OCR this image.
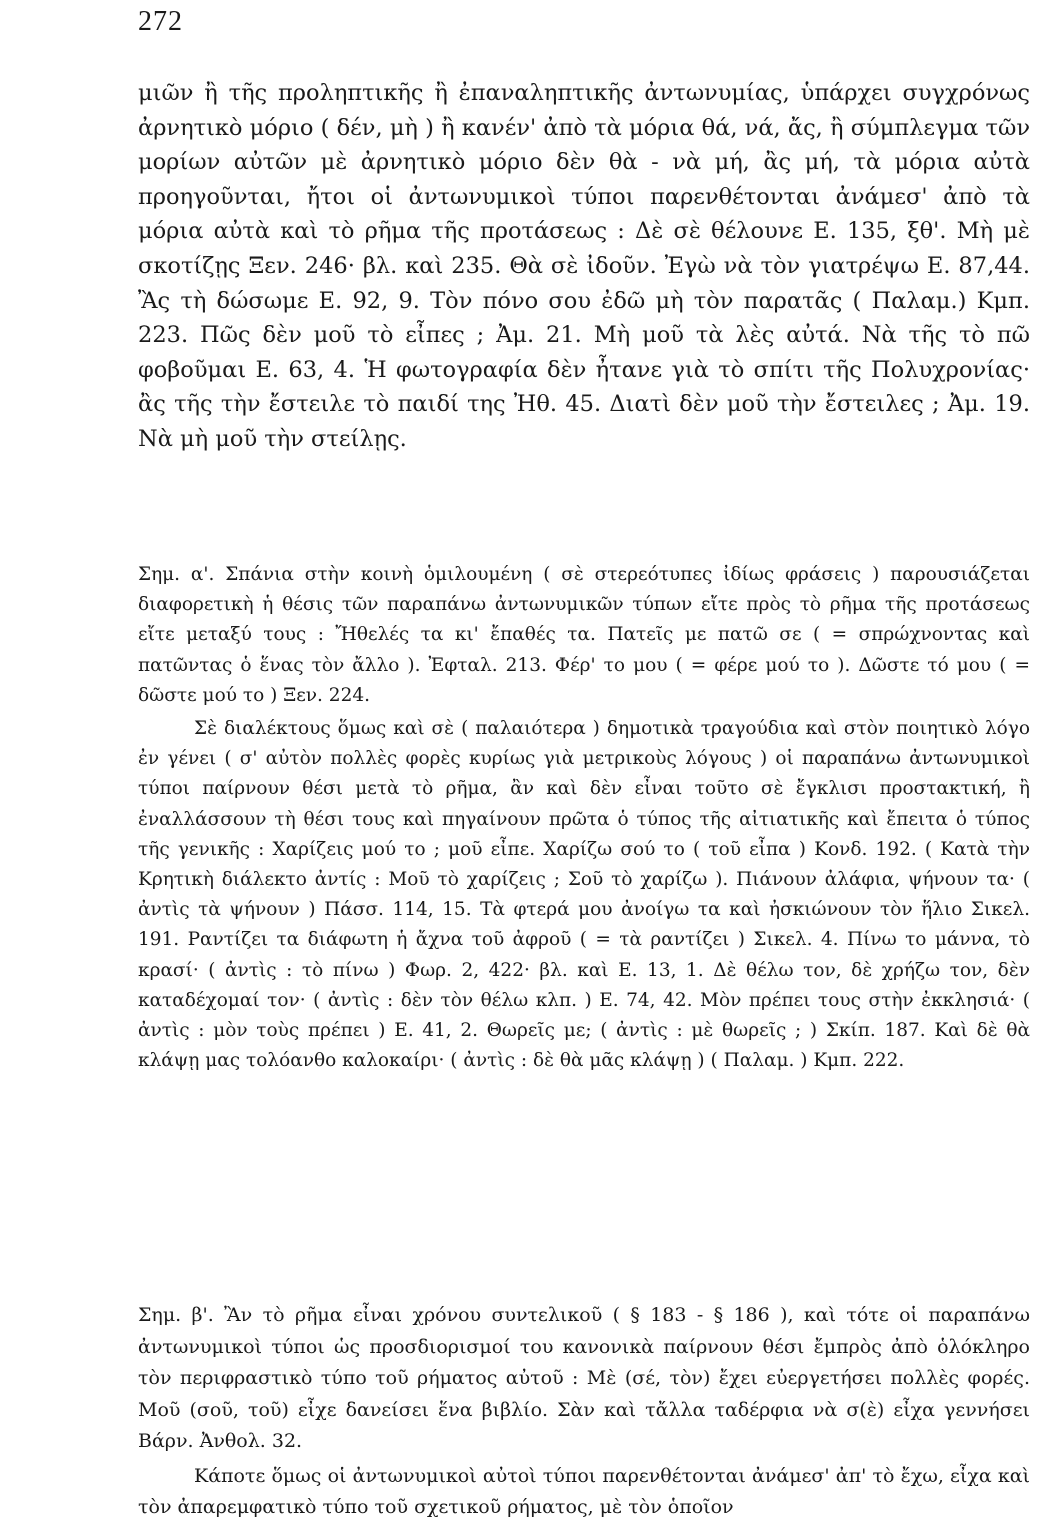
272

μιῶν ἢ τῆς προληπτικῆς ἢ ἐπαναληπτικῆς ἀντωνυμίας, ὑπάρχει συγχρόνως ἀρνητικὸ μόριο ( δέν, μὴ ) ἢ κανέν' ἀπὸ τὰ μόρια θά, νά, ἄς, ἢ σύμπλεγμα τῶν μορίων αὐτῶν μὲ ἀρνητικὸ μόριο δὲν θὰ - νὰ μή, ἂς μή, τὰ μόρια αὐτὰ προηγοῦνται, ἤτοι οἱ ἀντωνυμικοὶ τύποι παρενθέτονται ἀνάμεσ' ἀπὸ τὰ μόρια αὐτὰ καὶ τὸ ρῆμα τῆς προτάσεως : Δὲ σὲ θέλουνε Ε. 135, ξθ'. Μὴ μὲ σκοτίζῃς Ξεν. 246· βλ. καὶ 235. Θὰ σὲ ἰδοῦν. Ἐγὼ νὰ τὸν γιατρέψω Ε. 87,44. Ἂς τὴ δώσωμε Ε. 92, 9. Τὸν πόνο σου ἐδῶ μὴ τὸν παρατᾶς ( Παλαμ.) Κμπ. 223. Πῶς δὲν μοῦ τὸ εἶπες ; Ἀμ. 21. Μὴ μοῦ τὰ λὲς αὐτά. Νὰ τῆς τὸ πῶ φοβοῦμαι Ε. 63, 4. Ἡ φωτογραφία δὲν ἦτανε γιὰ τὸ σπίτι τῆς Πολυχρονίας· ἂς τῆς τὴν ἔστειλε τὸ παιδί της Ἠθ. 45. Διατὶ δὲν μοῦ τὴν ἔστειλες ; Ἀμ. 19. Νὰ μὴ μοῦ τὴν στείλῃς.

Σημ. α'. Σπάνια στὴν κοινὴ ὁμιλουμένη ( σὲ στερεότυπες ἰδίως φράσεις ) παρουσιάζεται διαφορετικὴ ἡ θέσις τῶν παραπάνω ἀντωνυμικῶν τύπων εἴτε πρὸς τὸ ρῆμα τῆς προτάσεως εἴτε μεταξύ τους : Ἤθελές τα κι' ἔπαθές τα. Πατεῖς με πατῶ σε ( = σπρώχνοντας καὶ πατῶντας ὁ ἕνας τὸν ἄλλο ). Ἐφταλ. 213. Φέρ' το μου ( = φέρε μού το ). Δῶστε τό μου ( = δῶστε μού το ) Ξεν. 224.

Σὲ διαλέκτους ὅμως καὶ σὲ ( παλαιότερα ) δημοτικὰ τραγούδια καὶ στὸν ποιητικὸ λόγο ἐν γένει ( σ' αὐτὸν πολλὲς φορὲς κυρίως γιὰ μετρικοὺς λόγους ) οἱ παραπάνω ἀντωνυμικοὶ τύποι παίρνουν θέσι μετὰ τὸ ρῆμα, ἂν καὶ δὲν εἶναι τοῦτο σὲ ἔγκλισι προστακτική, ἢ ἐναλλάσσουν τὴ θέσι τους καὶ πηγαίνουν πρῶτα ὁ τύπος τῆς αἰτιατικῆς καὶ ἔπειτα ὁ τύπος τῆς γενικῆς : Χαρίζεις μού το ; μοῦ εἶπε. Χαρίζω σού το ( τοῦ εἶπα ) Κονδ. 192. ( Κατὰ τὴν Κρητικὴ διάλεκτο ἀντίς : Μοῦ τὸ χαρίζεις ; Σοῦ τὸ χαρίζω ). Πιάνουν ἀλάφια, ψήνουν τα· ( ἀντὶς τὰ ψήνουν ) Πάσσ. 114, 15. Τὰ φτερά μου ἀνοίγω τα καὶ ἠσκιώνουν τὸν ἥλιο Σικελ. 191. Ραντίζει τα διάφωτη ἡ ἄχνα τοῦ ἀφροῦ ( = τὰ ραντίζει ) Σικελ. 4. Πίνω το μάννα, τὸ κρασί· ( ἀντὶς : τὸ πίνω ) Φωρ. 2, 422· βλ. καὶ Ε. 13, 1. Δὲ θέλω τον, δὲ χρήζω τον, δὲν καταδέχομαί τον· ( ἀντὶς : δὲν τὸν θέλω κλπ. ) Ε. 74, 42. Μὸν πρέπει τους στὴν ἐκκλησιά· ( ἀντὶς : μὸν τοὺς πρέπει ) Ε. 41, 2. Θωρεῖς με; ( ἀντὶς : μὲ θωρεῖς ; ) Σκίπ. 187. Καὶ δὲ θὰ κλάψῃ μας τολόανθο καλοκαίρι· ( ἀντὶς : δὲ θὰ μᾶς κλάψῃ ) ( Παλαμ. ) Κμπ. 222.

Σημ. β'. Ἂν τὸ ρῆμα εἶναι χρόνου συντελικοῦ ( § 183 - § 186 ), καὶ τότε οἱ παραπάνω ἀντωνυμικοὶ τύποι ὡς προσδιορισμοί του κανονικὰ παίρνουν θέσι ἔμπρὸς ἀπὸ ὁλόκληρο τὸν περιφραστικὸ τύπο τοῦ ρήματος αὐτοῦ : Μὲ (σέ, τὸν) ἔχει εὐεργετήσει πολλὲς φορές. Μοῦ (σοῦ, τοῦ) εἶχε δανείσει ἕνα βιβλίο. Σὰν καὶ τἄλλα ταδέρφια νὰ σ(ὲ) εἶχα γεννήσει Βάρν. Ἀνθολ. 32.

Κάποτε ὅμως οἱ ἀντωνυμικοὶ αὐτοὶ τύποι παρενθέτονται ἀνάμεσ' ἀπ' τὸ ἔχω, εἶχα καὶ τὸν ἀπαρεμφατικὸ τύπο τοῦ σχετικοῦ ρήματος, μὲ τὸν ὁποῖον
